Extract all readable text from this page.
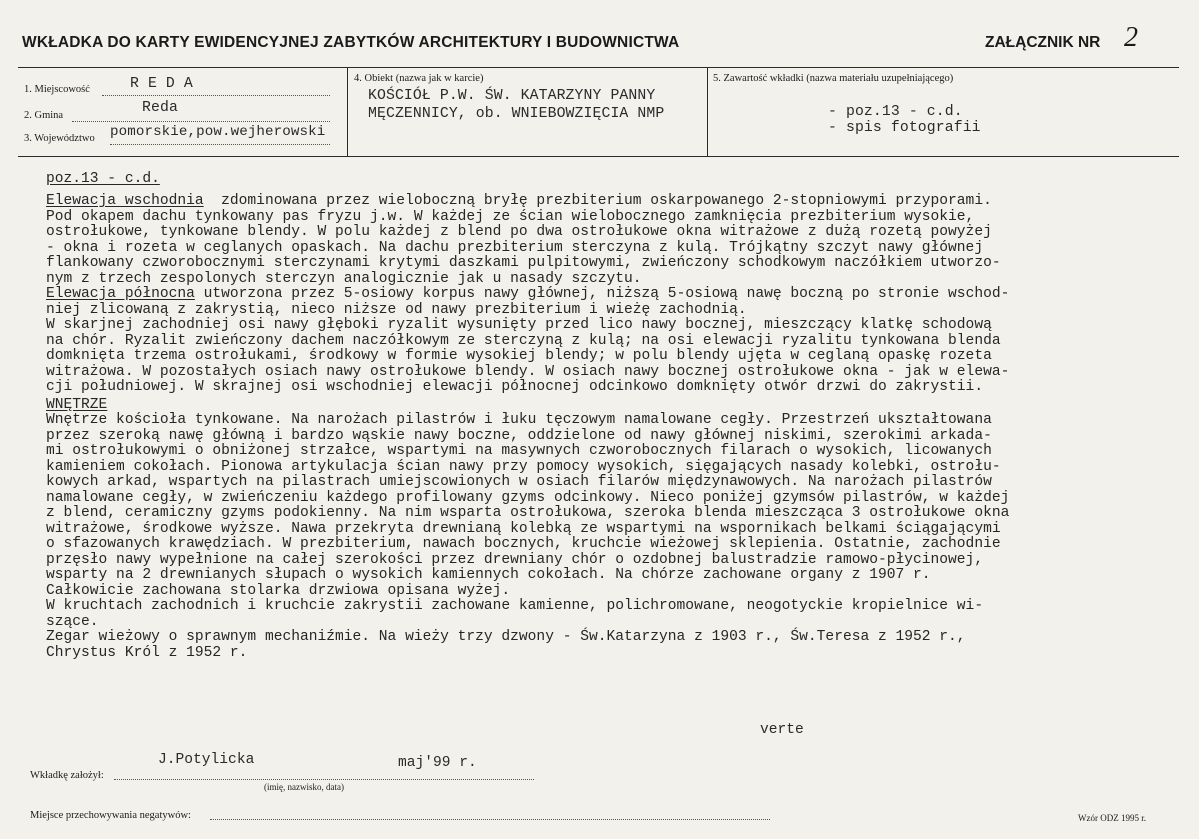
WKŁADKA DO KARTY EWIDENCYJNEJ ZABYTKÓW ARCHITEKTURY I BUDOWNICTWA	ZAŁĄCZNIK NR 2
1. Miejscowość	R E D A
2. Gmina	Reda
3. Województwo pomorskie,pow.wejherowski
4. Obiekt (nazwa jak w karcie)
KOŚCIÓŁ P.W. ŚW. KATARZYNY PANNY
MĘCZENNICY, ob. WNIEBOWZIĘCIA NMP
5. Zawartość wkładki (nazwa materiału uzupełniającego)
- poz.13 - c.d.
- spis fotografii
poz.13 - c.d.
Elewacja wschodnia  zdominowana przez wieloboczną bryłę prezbiterium oskarpowanego 2-stopniowymi przyporami.
Pod okapem dachu tynkowany pas fryzu j.w. W każdej ze ścian wielobocznego zamknięcia prezbiterium wysokie,
ostrołukowe, tynkowane blendy. W polu każdej z blend po dwa ostrołukowe okna witrażowe z dużą rozetą powyżej
- okna i rozeta w ceglanych opaskach. Na dachu prezbiterium sterczyna z kulą. Trójkątny szczyt nawy głównej
flankowany czworobocznymi sterczynami krytymi daszkami pulpitowymi, zwieńczony schodkowym naczółkiem utworzo-
nym z trzech zespolonych sterczyn analogicznie jak u nasady szczytu.
Elewacja północna utworzona przez 5-osiowy korpus nawy głównej, niższą 5-osiową nawę boczną po stronie wschod-
niej zlicowaną z zakrystią, nieco niższe od nawy prezbiterium i wieżę zachodnią.
W skarjnej zachodniej osi nawy głęboki ryzalit wysunięty przed lico nawy bocznej, mieszczący klatkę schodową
na chór. Ryzalit zwieńczony dachem naczółkowym ze sterczyną z kulą; na osi elewacji ryzalitu tynkowana blenda
domknięta trzema ostrołukami, środkowy w formie wysokiej blendy; w polu blendy ujęta w ceglaną opaskę rozeta
witrażowa. W pozostałych osiach nawy ostrołukowe blendy. W osiach nawy bocznej ostrołukowe okna - jak w elewa-
cji południowej. W skrajnej osi wschodniej elewacji północnej odcinkowo domknięty otwór drzwi do zakrystii.
WNĘTRZE
Wnętrze kościoła tynkowane. Na narożach pilastrów i łuku tęczowym namalowane cegły. Przestrzeń ukształtowana
przez szeroką nawę główną i bardzo wąskie nawy boczne, oddzielone od nawy głównej niskimi, szerokimi arkada-
mi ostrołukowymi o obniżonej strzałce, wspartymi na masywnych czworobocznych filarach o wysokich, licowanych
kamieniem cokołach. Pionowa artykulacja ścian nawy przy pomocy wysokich, sięgających nasady kolebki, ostrołu-
kowych arkad, wspartych na pilastrach umiejscowionych w osiach filarów międzynawowych. Na narożach pilastrów
namalowane cegły, w zwieńczeniu każdego profilowany gzyms odcinkowy. Nieco poniżej gzymsów pilastrów, w każdej
z blend, ceramiczny gzyms podokienny. Na nim wsparta ostrołukowa, szeroka blenda mieszcząca 3 ostrołukowe okna
witrażowe, środkowe wyższe. Nawa przekryta drewnianą kolebką ze wspartymi na wspornikach belkami ściągającymi
o sfazowanych krawędziach. W prezbiterium, nawach bocznych, kruchcie wieżowej sklepienia. Ostatnie, zachodnie
przęsło nawy wypełnione na całej szerokości przez drewniany chór o ozdobnej balustradzie ramowo-płycinowej,
wsparty na 2 drewnianych słupach o wysokich kamiennych cokołach. Na chórze zachowane organy z 1907 r.
Całkowicie zachowana stolarka drzwiowa opisana wyżej.
W kruchtach zachodnich i kruchcie zakrystii zachowane kamienne, polichromowane, neogotyckie kropielnice wi-
szące.
Zegar wieżowy o sprawnym mechaniźmie. Na wieży trzy dzwony - Św.Katarzyna z 1903 r., Św.Teresa z 1952 r.,
Chrystus Król z 1952 r.
verte
J.Potylicka	maj'99 r.
Wkładkę założył:
(imię, nazwisko, data)
Miejsce przechowywania negatywów:	Wzór ODZ 1995 r.
